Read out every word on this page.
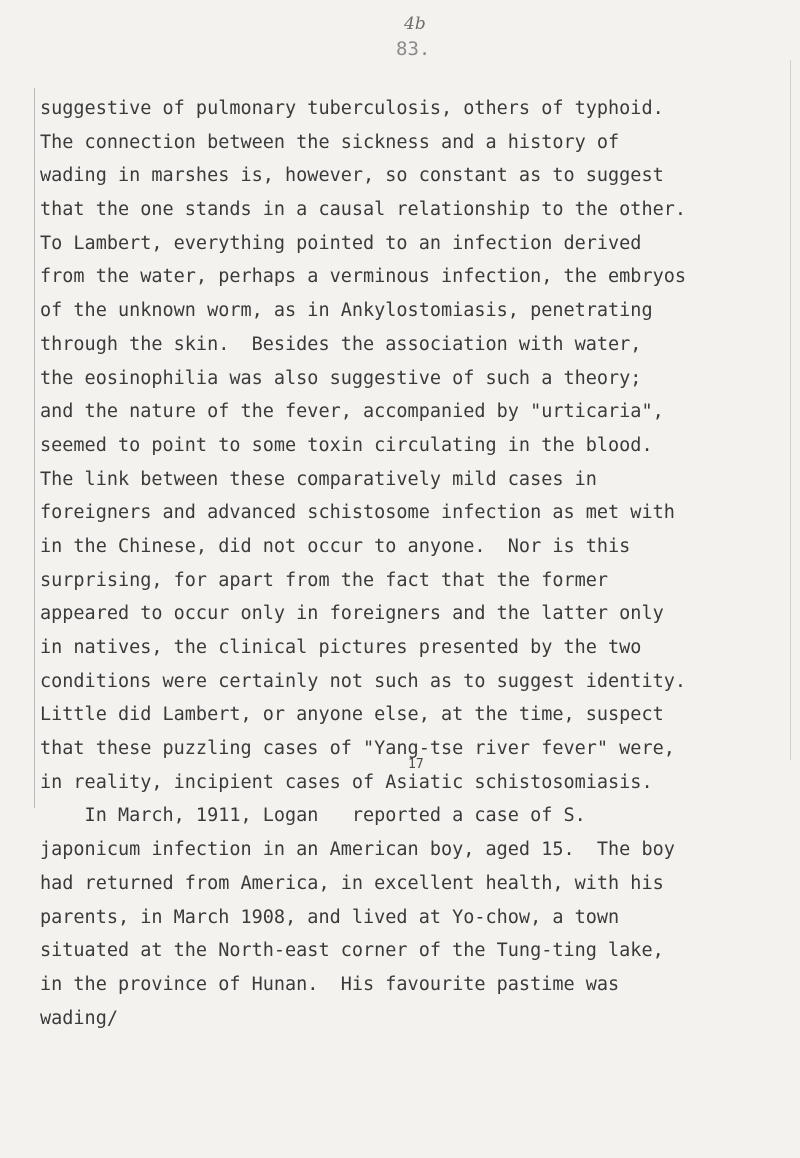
4b
83.
suggestive of pulmonary tuberculosis, others of typhoid.
The connection between the sickness and a history of
wading in marshes is, however, so constant as to suggest
that the one stands in a causal relationship to the other.
To Lambert, everything pointed to an infection derived
from the water, perhaps a verminous infection, the embryos
of the unknown worm, as in Ankylostomiasis, penetrating
through the skin.  Besides the association with water,
the eosinophilia was also suggestive of such a theory;
and the nature of the fever, accompanied by "urticaria",
seemed to point to some toxin circulating in the blood.
The link between these comparatively mild cases in
foreigners and advanced schistosome infection as met with
in the Chinese, did not occur to anyone.  Nor is this
surprising, for apart from the fact that the former
appeared to occur only in foreigners and the latter only
in natives, the clinical pictures presented by the two
conditions were certainly not such as to suggest identity.
Little did Lambert, or anyone else, at the time, suspect
that these puzzling cases of "Yang-tse river fever" were,
in reality, incipient cases of Asiatic schistosomiasis.
In March, 1911, Logan   reported a case of S.
japonicum infection in an American boy, aged 15.  The boy
had returned from America, in excellent health, with his
parents, in March 1908, and lived at Yo-chow, a town
situated at the North-east corner of the Tung-ting lake,
in the province of Hunan.  His favourite pastime was
wading/
17
